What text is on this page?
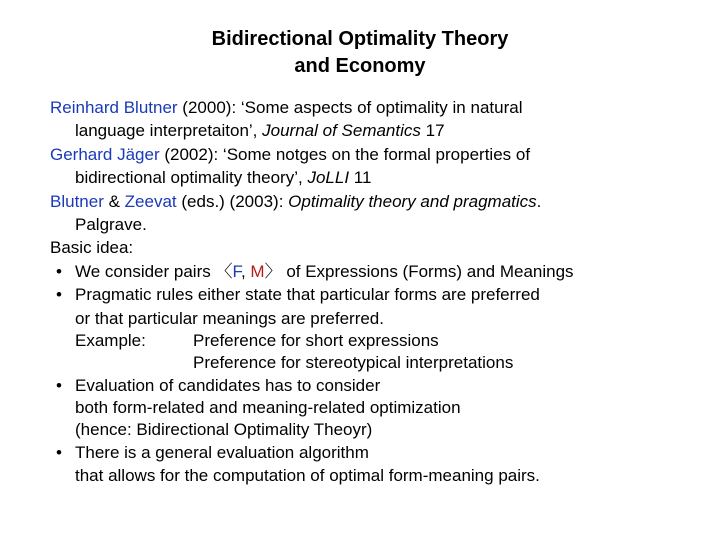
Bidirectional Optimality Theory
and Economy
Reinhard Blutner (2000): ‘Some aspects of optimality in natural
language interpretaiton’, Journal of Semantics 17
Gerhard Jäger (2002): ‘Some notges on the formal properties of
bidirectional optimality theory’, JoLLI 11
Blutner & Zeevat (eds.) (2003): Optimality theory and pragmatics.
Palgrave.
Basic idea:
• We consider pairs 〈F, M〉 of Expressions (Forms) and Meanings
• Pragmatic rules either state that particular forms are preferred
or that particular meanings are preferred.
Example:	Preference for short expressions
Preference for stereotypical interpretations
• Evaluation of candidates has to consider
both form-related and meaning-related optimization
(hence: Bidirectional Optimality Theoyr)
• There is a general evaluation algorithm
that allows for the computation of optimal form-meaning pairs.
